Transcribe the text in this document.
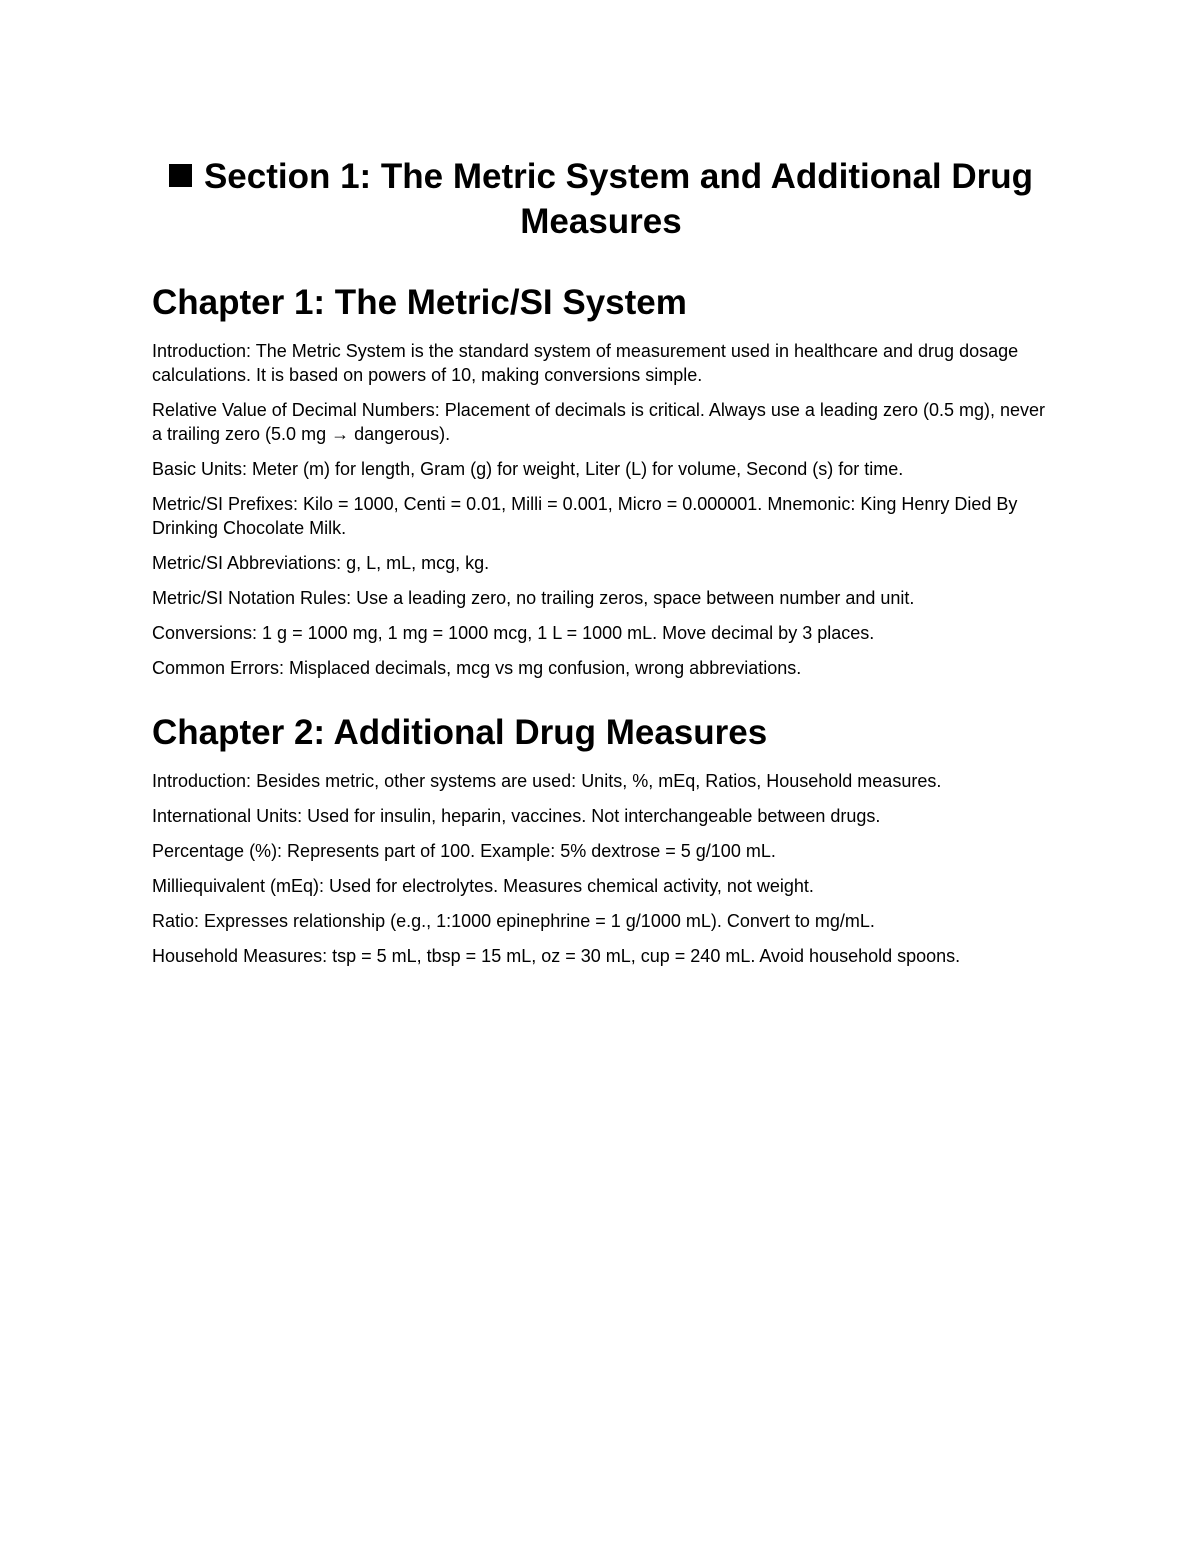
Section 1: The Metric System and Additional Drug Measures
Chapter 1: The Metric/SI System

Introduction: The Metric System is the standard system of measurement used in healthcare and drug dosage calculations. It is based on powers of 10, making conversions simple.

Relative Value of Decimal Numbers: Placement of decimals is critical. Always use a leading zero (0.5 mg), never a trailing zero (5.0 mg → dangerous).

Basic Units: Meter (m) for length, Gram (g) for weight, Liter (L) for volume, Second (s) for time.

Metric/SI Prefixes: Kilo = 1000, Centi = 0.01, Milli = 0.001, Micro = 0.000001. Mnemonic: King Henry Died By Drinking Chocolate Milk.

Metric/SI Abbreviations: g, L, mL, mcg, kg.

Metric/SI Notation Rules: Use a leading zero, no trailing zeros, space between number and unit.

Conversions: 1 g = 1000 mg, 1 mg = 1000 mcg, 1 L = 1000 mL. Move decimal by 3 places.

Common Errors: Misplaced decimals, mcg vs mg confusion, wrong abbreviations.

Chapter 2: Additional Drug Measures

Introduction: Besides metric, other systems are used: Units, %, mEq, Ratios, Household measures.

International Units: Used for insulin, heparin, vaccines. Not interchangeable between drugs.

Percentage (%): Represents part of 100. Example: 5% dextrose = 5 g/100 mL.

Milliequivalent (mEq): Used for electrolytes. Measures chemical activity, not weight.

Ratio: Expresses relationship (e.g., 1:1000 epinephrine = 1 g/1000 mL). Convert to mg/mL.

Household Measures: tsp = 5 mL, tbsp = 15 mL, oz = 30 mL, cup = 240 mL. Avoid household spoons.
